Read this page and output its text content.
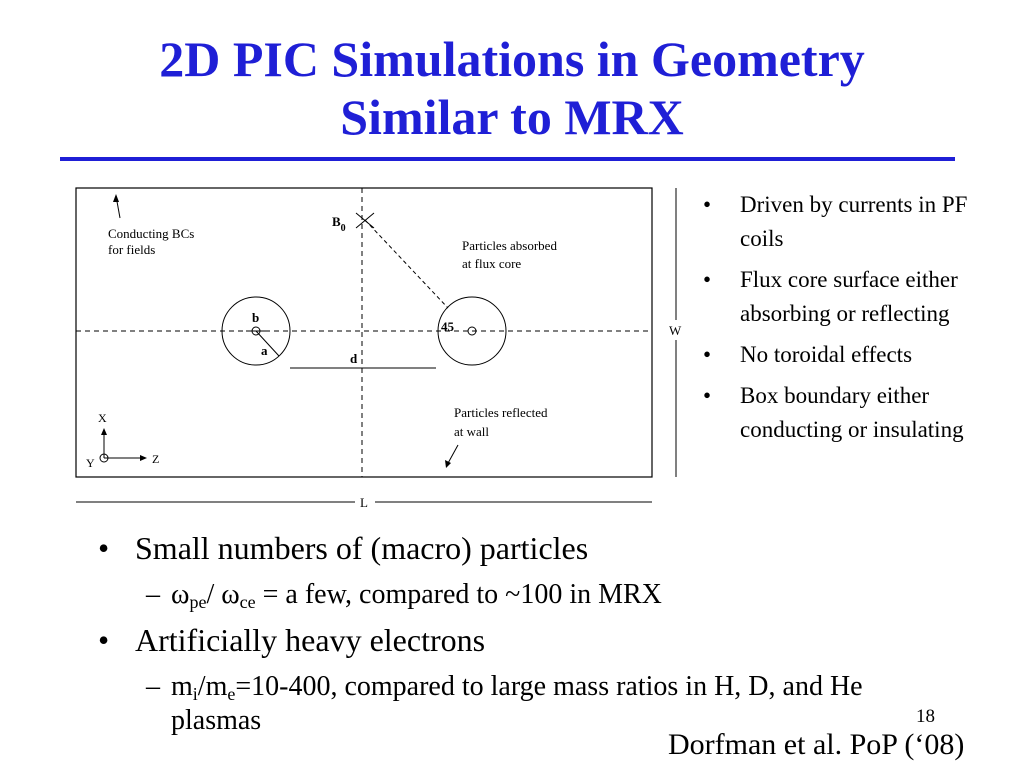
2D PIC Simulations in Geometry
Similar to MRX
b
a
45
d
$B_0$
Conducting BCs
for fields	Particles absorbed
at flux core
Particles reflected
at wall
X
Y	Z
W
L
• Driven by currents in PF coils
• Flux core surface either absorbing or reflecting
• No toroidal effects
• Box boundary either conducting or insulating
• Small numbers of (macro) particles
– $\omega_{pe}/$ $\omega_{ce} = a$ few, compared to ~100 in MRX
• Artificially heavy electrons
– $m_i/m_e=10-400$, compared to large mass ratios in H, D, and He plasmas	18
Dorfman et al. PoP (‘08)
